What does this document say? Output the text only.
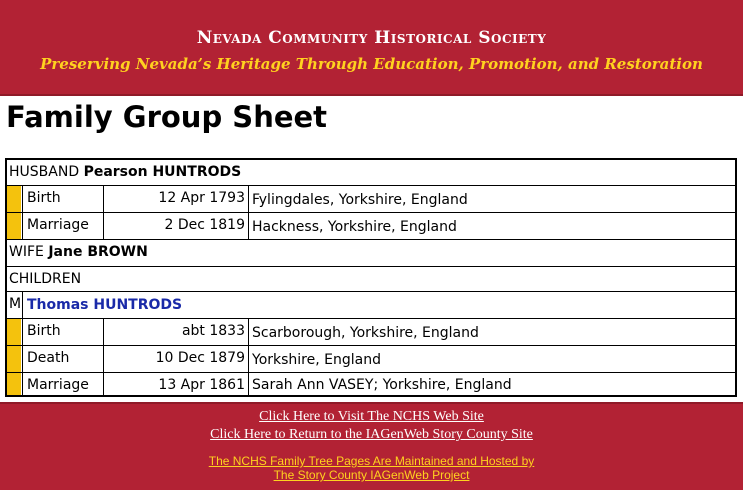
Nevada Community Historical Society
Preserving Nevada’s Heritage Through Education, Promotion, and Restoration
Family Group Sheet
HUSBAND Pearson HUNTRODS
Birth	12 Apr 1793 Fylingdales, Yorkshire, England
Marriage	2 Dec 1819 Hackness, Yorkshire, England
WIFE Jane BROWN
CHILDREN
M Thomas HUNTRODS
Birth	abt 1833 Scarborough, Yorkshire, England
Death	10 Dec 1879 Yorkshire, England
Marriage	13 Apr 1861 Sarah Ann VASEY; Yorkshire, England
Click Here to Visit The NCHS Web Site
Click Here to Return to the IAGenWeb Story County Site
The NCHS Family Tree Pages Are Maintained and Hosted by
The Story County IAGenWeb Project
